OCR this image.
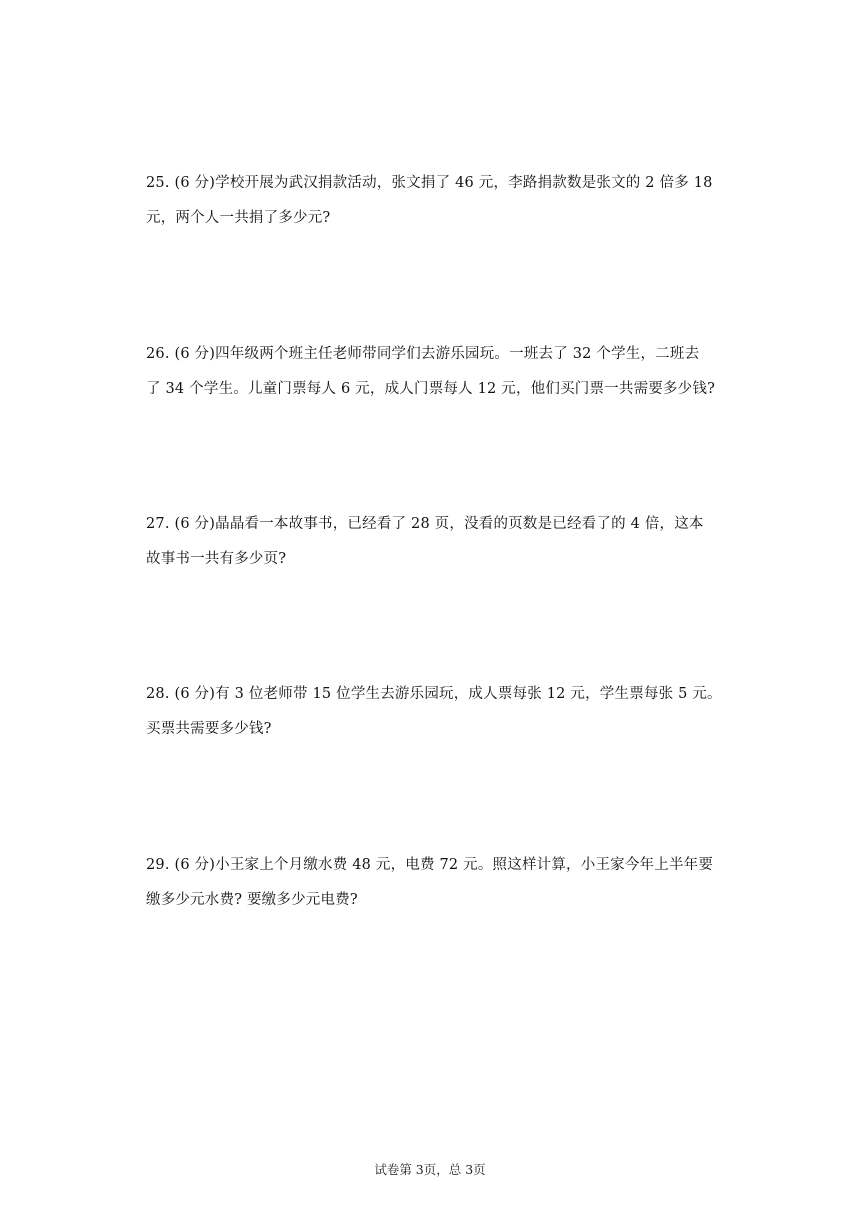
25. (6 分)学校开展为武汉捐款活动，张文捐了 46 元，李路捐款数是张文的 2 倍多 18
元，两个人一共捐了多少元?
26. (6 分)四年级两个班主任老师带同学们去游乐园玩。一班去了 32 个学生，二班去
了 34 个学生。儿童门票每人 6 元，成人门票每人 12 元，他们买门票一共需要多少钱?
27. (6 分)晶晶看一本故事书，已经看了 28 页，没看的页数是已经看了的 4 倍，这本
故事书一共有多少页?
28. (6 分)有 3 位老师带 15 位学生去游乐园玩，成人票每张 12 元，学生票每张 5 元。
买票共需要多少钱?
29. (6 分)小王家上个月缴水费 48 元，电费 72 元。照这样计算，小王家今年上半年要
缴多少元水费? 要缴多少元电费?
试卷第 3页，总 3页
